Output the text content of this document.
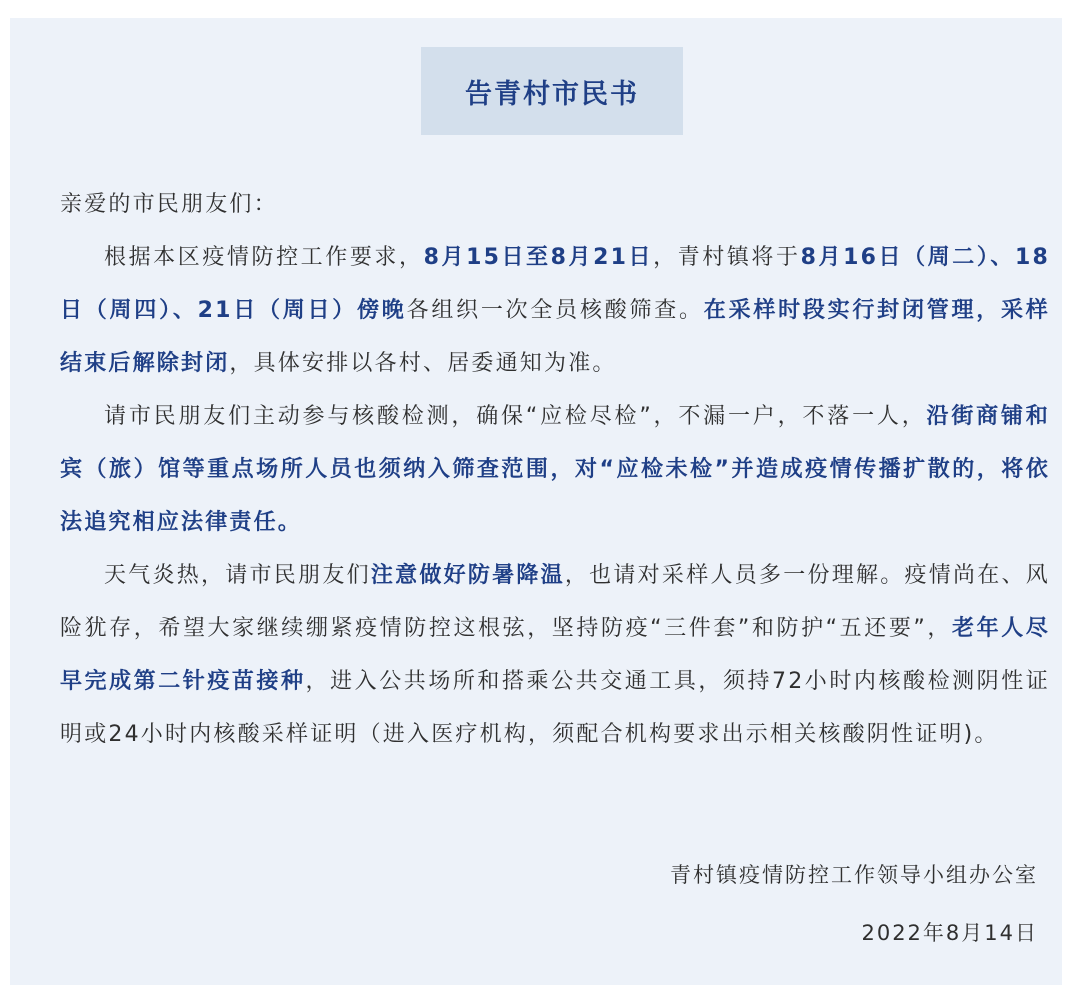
告青村市民书

亲爱的市民朋友们：

根据本区疫情防控工作要求，8月15日至8月21日，青村镇将于8月16日（周二）、18日（周四）、21日（周日）傍晚各组织一次全员核酸筛查。在采样时段实行封闭管理，采样结束后解除封闭，具体安排以各村、居委通知为准。

请市民朋友们主动参与核酸检测，确保“应检尽检”，不漏一户，不落一人，沿街商铺和宾（旅）馆等重点场所人员也须纳入筛查范围，对“应检未检”并造成疫情传播扩散的，将依法追究相应法律责任。

天气炎热，请市民朋友们注意做好防暑降温，也请对采样人员多一份理解。疫情尚在、风险犹存，希望大家继续绷紧疫情防控这根弦，坚持防疫“三件套”和防护“五还要”，老年人尽早完成第二针疫苗接种，进入公共场所和搭乘公共交通工具，须持72小时内核酸检测阴性证明或24小时内核酸采样证明（进入医疗机构，须配合机构要求出示相关核酸阴性证明)。

青村镇疫情防控工作领导小组办公室
2022年8月14日
